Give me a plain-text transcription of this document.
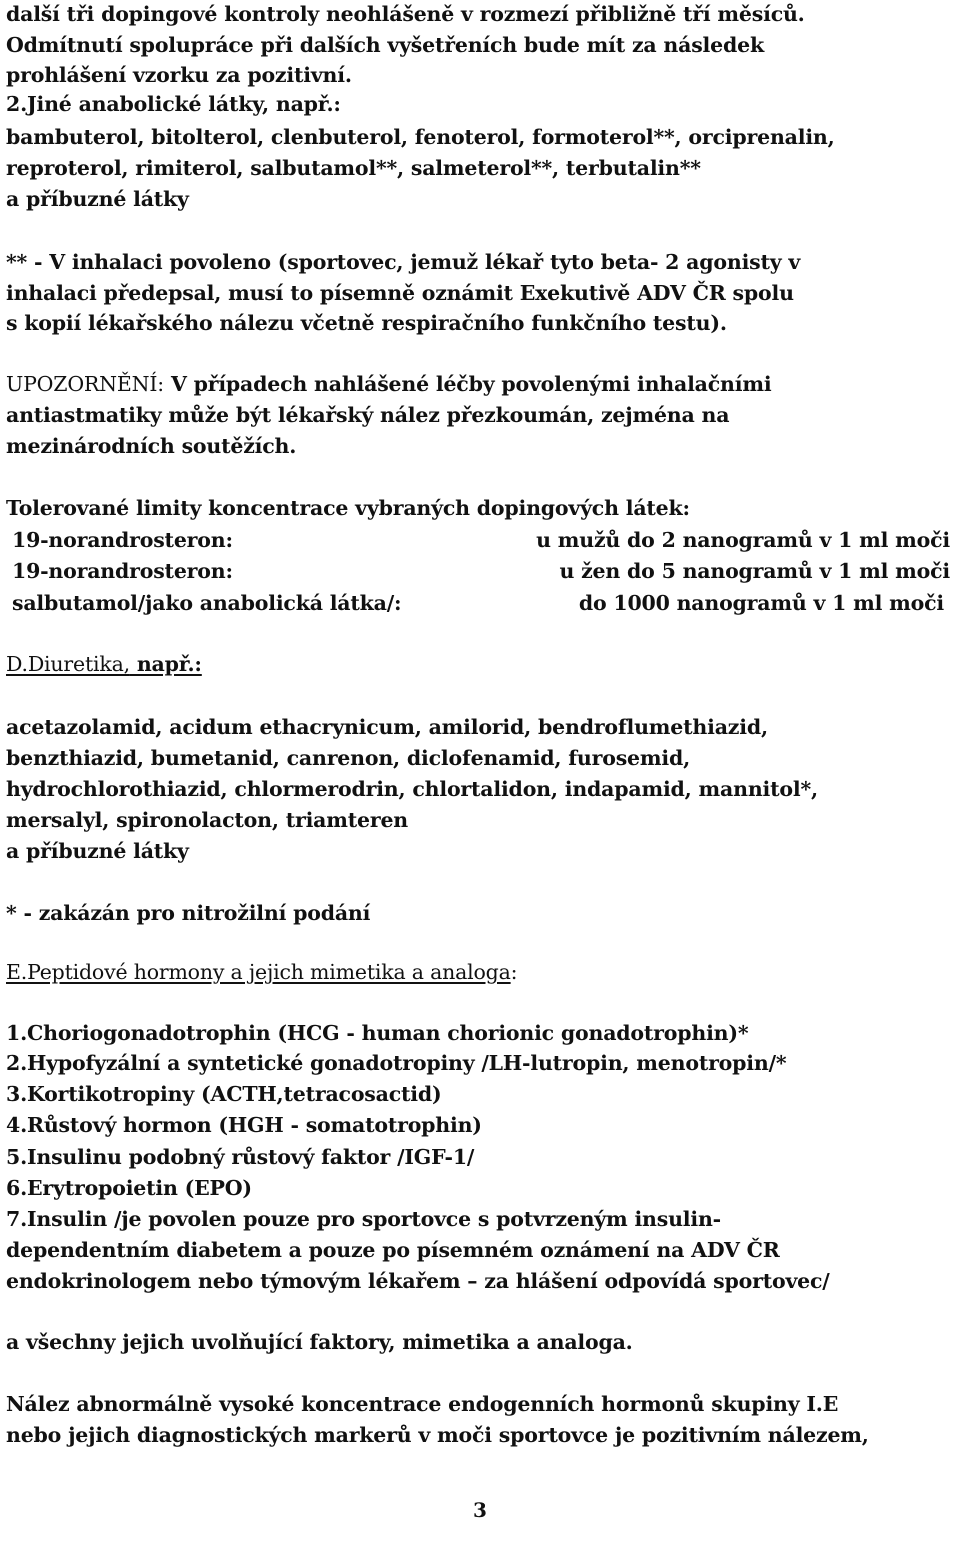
další tři dopingové kontroly neohlášeně v rozmezí přibližně tří měsíců.
Odmítnutí spolupráce při dalších vyšetřeních bude mít za následek
prohlášení vzorku za pozitivní.
2.Jiné anabolické látky, např.:
bambuterol, bitolterol, clenbuterol, fenoterol, formoterol**, orciprenalin,
reproterol, rimiterol, salbutamol**, salmeterol**, terbutalin**
a příbuzné látky
** - V inhalaci povoleno (sportovec, jemuž lékař tyto beta- 2 agonisty v
inhalaci předepsal, musí to písemně oznámit Exekutivě ADV ČR spolu
s kopií lékařského nálezu včetně respiračního funkčního testu).
UPOZORNĚNÍ: V případech nahlášené léčby povolenými inhalačními
antiastmatiky může být lékařský nález přezkoumán, zejména na
mezinárodních soutěžích.
Tolerované limity koncentrace vybraných dopingových látek:
19-norandrosteron:	u mužů do 2 nanogramů v 1 ml moči
19-norandrosteron:	u žen do 5 nanogramů v 1 ml moči
salbutamol/jako anabolická látka/:	do 1000 nanogramů v 1 ml moči
D.Diuretika, např.:
acetazolamid, acidum ethacrynicum, amilorid, bendroflumethiazid,
benzthiazid, bumetanid, canrenon, diclofenamid, furosemid,
hydrochlorothiazid, chlormerodrin, chlortalidon, indapamid, mannitol*,
mersalyl, spironolacton, triamteren
a příbuzné látky
* - zakázán pro nitrožilní podání
E.Peptidové hormony a jejich mimetika a analoga:
1.Choriogonadotrophin (HCG - human chorionic gonadotrophin)*
2.Hypofyzální a syntetické gonadotropiny /LH-lutropin, menotropin/*
3.Kortikotropiny (ACTH,tetracosactid)
4.Růstový hormon (HGH - somatotrophin)
5.Insulinu podobný růstový faktor /IGF-1/
6.Erytropoietin (EPO)
7.Insulin /je povolen pouze pro sportovce s potvrzeným insulin-
dependentním diabetem a pouze po písemném oznámení na ADV ČR
endokrinologem nebo týmovým lékařem – za hlášení odpovídá sportovec/
a všechny jejich uvolňující faktory, mimetika a analoga.
Nález abnormálně vysoké koncentrace endogenních hormonů skupiny I.E
nebo jejich diagnostických markerů v moči sportovce je pozitivním nálezem,
3
